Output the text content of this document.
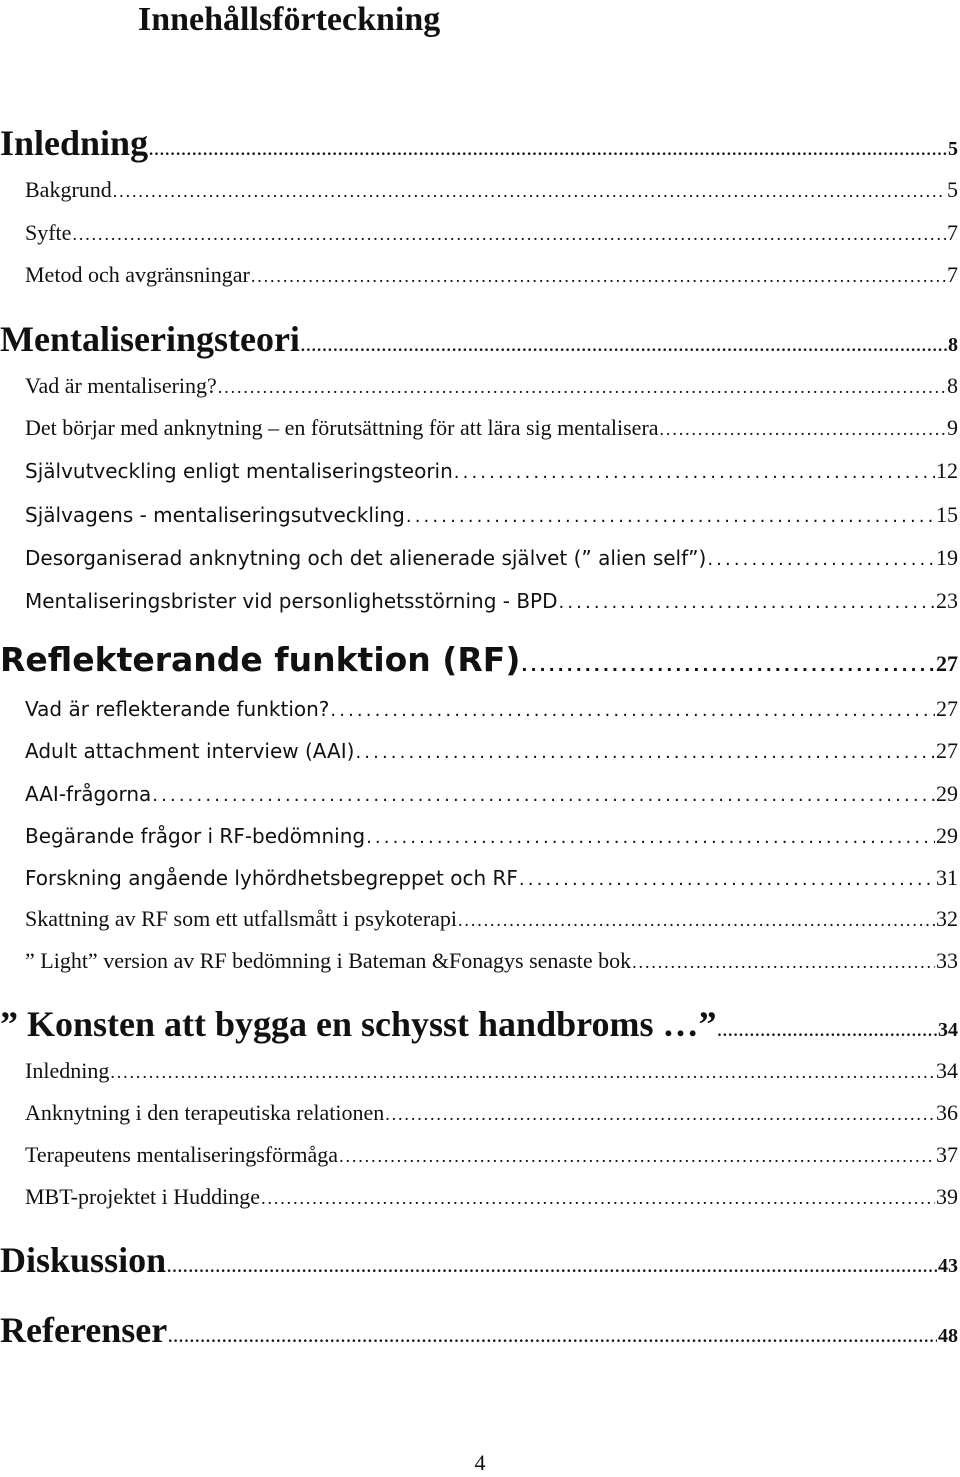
Innehållsförteckning
Inledning . . .	5
Bakgrund . . .	5
Syfte . . .	7
Metod och avgränsningar . . .	7
Mentaliseringsteori . . .	8
Vad är mentalisering? . . .	8
Det börjar med anknytning – en förutsättning för att lära sig mentalisera . . .	9
Självutveckling enligt mentaliseringsteorin . . .	12
Självagens - mentaliseringsutveckling . . .	15
Desorganiserad anknytning och det alienerade självet (” alien self”) . . .	19
Mentaliseringsbrister vid personlighetsstörning - BPD . . .	23
Reflekterande funktion (RF) . . .	27
Vad är reflekterande funktion? . . .	27
Adult attachment interview (AAI) . . .	27
AAI-frågorna . . .	29
Begärande frågor i RF-bedömning . . .	29
Forskning angående lyhördhetsbegreppet och RF . . .	31
Skattning av RF som ett utfallsmått i psykoterapi . . .	32
” Light” version av RF bedömning i Bateman &Fonagys senaste bok . . .	33
” Konsten att bygga en schysst handbroms …” . . .	34
Inledning . . .	34
Anknytning i den terapeutiska relationen . . .	36
Terapeutens mentaliseringsförmåga . . .	37
MBT-projektet i Huddinge . . .	39
Diskussion . . .	43
Referenser . . .	48
4
